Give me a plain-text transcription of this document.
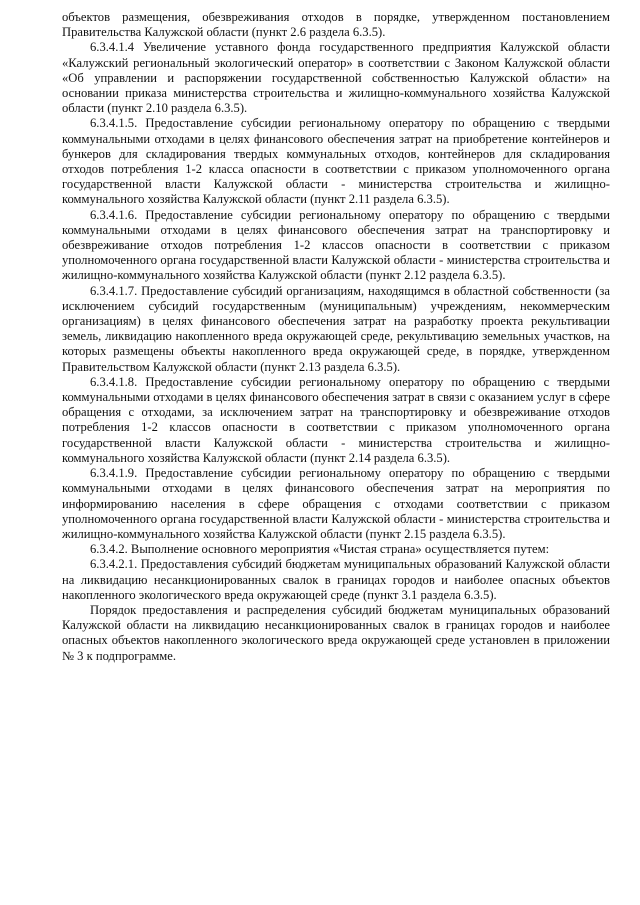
объектов размещения, обезвреживания отходов в порядке, утвержденном постановлением Правительства Калужской области (пункт 2.6 раздела 6.3.5).

6.3.4.1.4 Увеличение уставного фонда государственного предприятия Калужской области «Калужский региональный экологический оператор» в соответствии с Законом Калужской области «Об управлении и распоряжении государственной собственностью Калужской области» на основании приказа министерства строительства и жилищно-коммунального хозяйства Калужской области (пункт 2.10 раздела 6.3.5).

6.3.4.1.5. Предоставление субсидии региональному оператору по обращению с твердыми коммунальными отходами в целях финансового обеспечения затрат на приобретение контейнеров и бункеров для складирования твердых коммунальных отходов, контейнеров для складирования отходов потребления 1-2 класса опасности в соответствии с приказом уполномоченного органа государственной власти Калужской области - министерства строительства и жилищно-коммунального хозяйства Калужской области (пункт 2.11 раздела 6.3.5).

6.3.4.1.6. Предоставление субсидии региональному оператору по обращению с твердыми коммунальными отходами в целях финансового обеспечения затрат на транспортировку и обезвреживание отходов потребления 1-2 классов опасности в соответствии с приказом уполномоченного органа государственной власти Калужской области - министерства строительства и жилищно-коммунального хозяйства Калужской области (пункт 2.12 раздела 6.3.5).

6.3.4.1.7. Предоставление субсидий организациям, находящимся в областной собственности (за исключением субсидий государственным (муниципальным) учреждениям, некоммерческим организациям) в целях финансового обеспечения затрат на разработку проекта рекультивации земель, ликвидацию накопленного вреда окружающей среде, рекультивацию земельных участков, на которых размещены объекты накопленного вреда окружающей среде, в порядке, утвержденном Правительством Калужской области (пункт 2.13 раздела 6.3.5).

6.3.4.1.8. Предоставление субсидии региональному оператору по обращению с твердыми коммунальными отходами в целях финансового обеспечения затрат в связи с оказанием услуг в сфере обращения с отходами, за исключением затрат на транспортировку и обезвреживание отходов потребления 1-2 классов опасности в соответствии с приказом уполномоченного органа государственной власти Калужской области - министерства строительства и жилищно-коммунального хозяйства Калужской области (пункт 2.14 раздела 6.3.5).

6.3.4.1.9. Предоставление субсидии региональному оператору по обращению с твердыми коммунальными отходами в целях финансового обеспечения затрат на мероприятия по информированию населения в сфере обращения с отходами соответствии с приказом уполномоченного органа государственной власти Калужской области - министерства строительства и жилищно-коммунального хозяйства Калужской области (пункт 2.15 раздела 6.3.5).

6.3.4.2. Выполнение основного мероприятия «Чистая страна» осуществляется путем:

6.3.4.2.1. Предоставления субсидий бюджетам муниципальных образований Калужской области на ликвидацию несанкционированных свалок в границах городов и наиболее опасных объектов накопленного экологического вреда окружающей среде (пункт 3.1 раздела 6.3.5).

Порядок предоставления и распределения субсидий бюджетам муниципальных образований Калужской области на ликвидацию несанкционированных свалок в границах городов и наиболее опасных объектов накопленного экологического вреда окружающей среде установлен в приложении № 3 к подпрограмме.
